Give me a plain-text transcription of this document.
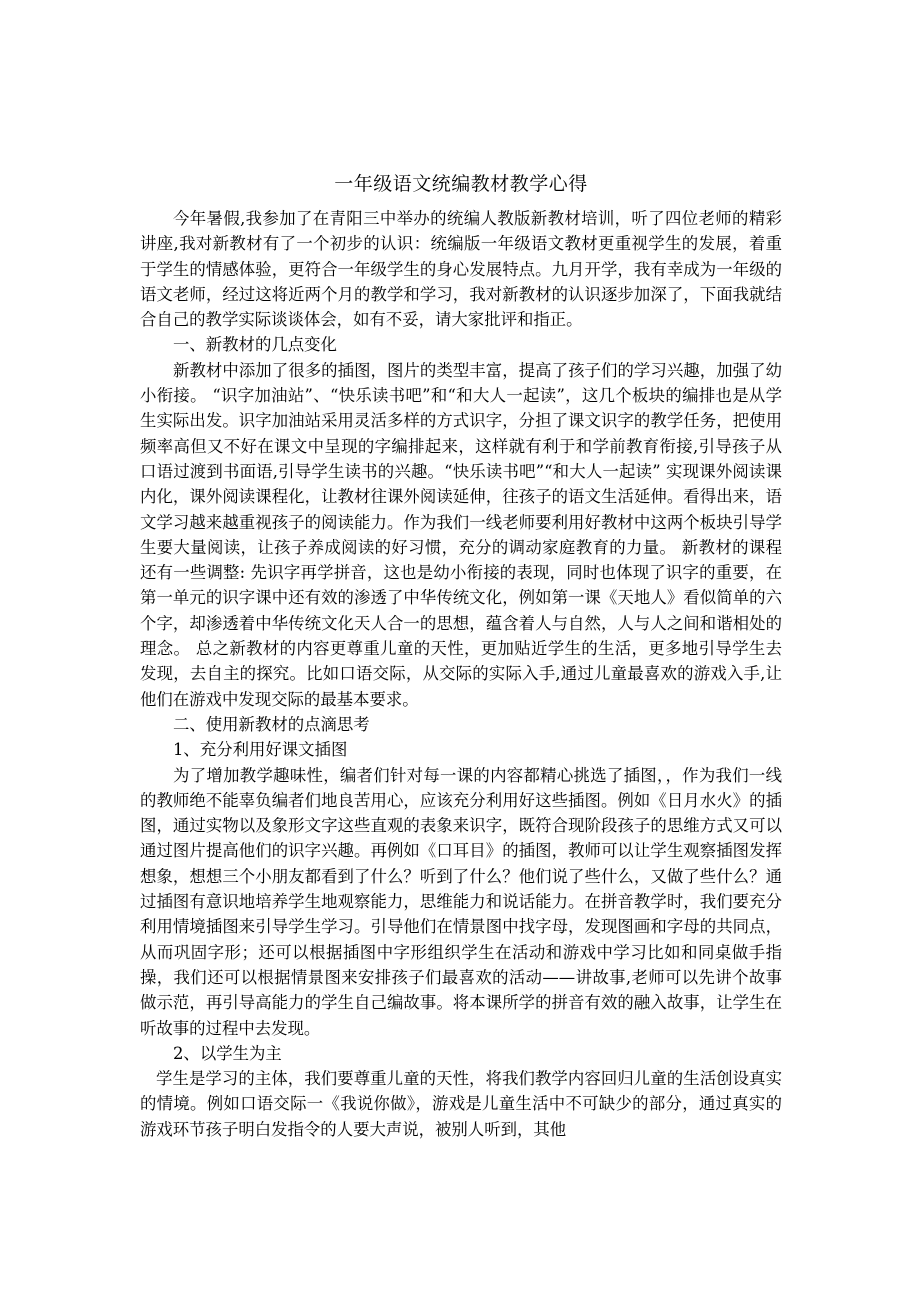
一年级语文统编教材教学心得

今年暑假,我参加了在青阳三中举办的统编人教版新教材培训，听了四位老师的精彩讲座,我对新教材有了一个初步的认识：统编版一年级语文教材更重视学生的发展，着重于学生的情感体验，更符合一年级学生的身心发展特点。九月开学，我有幸成为一年级的语文老师，经过这将近两个月的教学和学习，我对新教材的认识逐步加深了，下面我就结合自己的教学实际谈谈体会，如有不妥，请大家批评和指正。

一、新教材的几点变化

新教材中添加了很多的插图，图片的类型丰富，提高了孩子们的学习兴趣，加强了幼小衔接。 “识字加油站”、“快乐读书吧”和“和大人一起读”，这几个板块的编排也是从学生实际出发。识字加油站采用灵活多样的方式识字，分担了课文识字的教学任务，把使用频率高但又不好在课文中呈现的字编排起来，这样就有利于和学前教育衔接,引导孩子从口语过渡到书面语,引导学生读书的兴趣。“快乐读书吧”“和大人一起读” 实现课外阅读课内化，课外阅读课程化，让教材往课外阅读延伸，往孩子的语文生活延伸。看得出来，语文学习越来越重视孩子的阅读能力。作为我们一线老师要利用好教材中这两个板块引导学生要大量阅读，让孩子养成阅读的好习惯，充分的调动家庭教育的力量。 新教材的课程还有一些调整: 先识字再学拼音，这也是幼小衔接的表现，同时也体现了识字的重要，在第一单元的识字课中还有效的渗透了中华传统文化，例如第一课《天地人》看似简单的六个字，却渗透着中华传统文化天人合一的思想，蕴含着人与自然，人与人之间和谐相处的理念。 总之新教材的内容更尊重儿童的天性，更加贴近学生的生活，更多地引导学生去发现，去自主的探究。比如口语交际，从交际的实际入手,通过儿童最喜欢的游戏入手,让他们在游戏中发现交际的最基本要求。

二、使用新教材的点滴思考

1、充分利用好课文插图

为了增加教学趣味性，编者们针对每一课的内容都精心挑选了插图，，作为我们一线的教师绝不能辜负编者们地良苦用心，应该充分利用好这些插图。例如《日月水火》的插图，通过实物以及象形文字这些直观的表象来识字，既符合现阶段孩子的思维方式又可以通过图片提高他们的识字兴趣。再例如《口耳目》的插图，教师可以让学生观察插图发挥想象，想想三个小朋友都看到了什么？听到了什么？他们说了些什么，又做了些什么？通过插图有意识地培养学生地观察能力，思维能力和说话能力。在拼音教学时，我们要充分利用情境插图来引导学生学习。引导他们在情景图中找字母，发现图画和字母的共同点，从而巩固字形；还可以根据插图中字形组织学生在活动和游戏中学习比如和同桌做手指操，我们还可以根据情景图来安排孩子们最喜欢的活动——讲故事,老师可以先讲个故事做示范，再引导高能力的学生自己编故事。将本课所学的拼音有效的融入故事，让学生在听故事的过程中去发现。

2、以学生为主

学生是学习的主体，我们要尊重儿童的天性，将我们教学内容回归儿童的生活创设真实的情境。例如口语交际一《我说你做》，游戏是儿童生活中不可缺少的部分，通过真实的游戏环节孩子明白发指令的人要大声说，被别人听到，其他
